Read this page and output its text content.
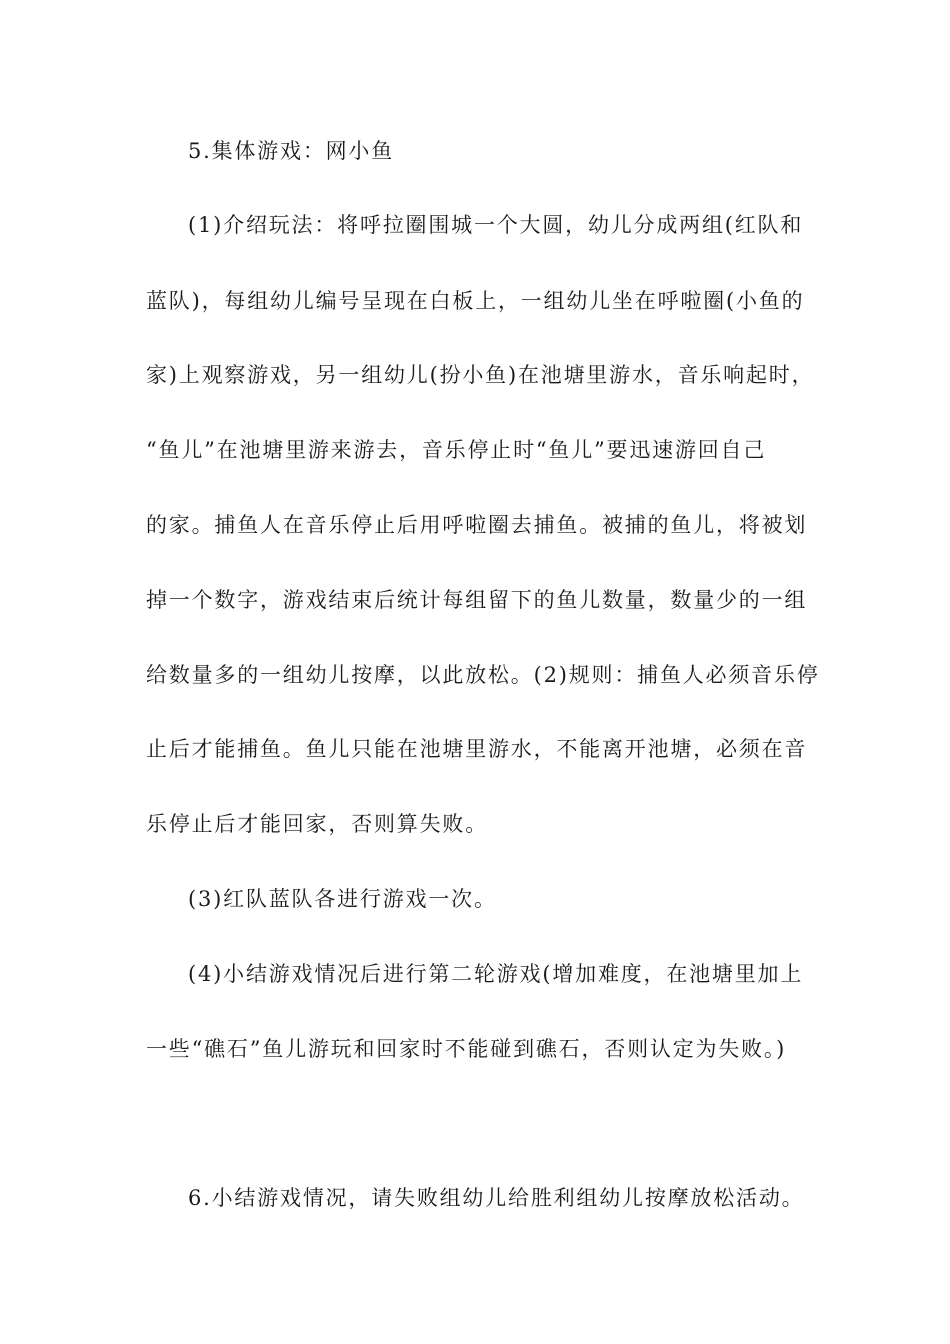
5.集体游戏：网小鱼
(1)介绍玩法：将呼拉圈围城一个大圆，幼儿分成两组(红队和
蓝队)，每组幼儿编号呈现在白板上，一组幼儿坐在呼啦圈(小鱼的
家)上观察游戏，另一组幼儿(扮小鱼)在池塘里游水，音乐响起时，
“鱼儿”在池塘里游来游去，音乐停止时“鱼儿”要迅速游回自己
的家。捕鱼人在音乐停止后用呼啦圈去捕鱼。被捕的鱼儿，将被划
掉一个数字，游戏结束后统计每组留下的鱼儿数量，数量少的一组
给数量多的一组幼儿按摩，以此放松。(2)规则：捕鱼人必须音乐停
止后才能捕鱼。鱼儿只能在池塘里游水，不能离开池塘，必须在音
乐停止后才能回家，否则算失败。
(3)红队蓝队各进行游戏一次。
(4)小结游戏情况后进行第二轮游戏(增加难度，在池塘里加上
一些“礁石”鱼儿游玩和回家时不能碰到礁石，否则认定为失败。)
6.小结游戏情况，请失败组幼儿给胜利组幼儿按摩放松活动。
